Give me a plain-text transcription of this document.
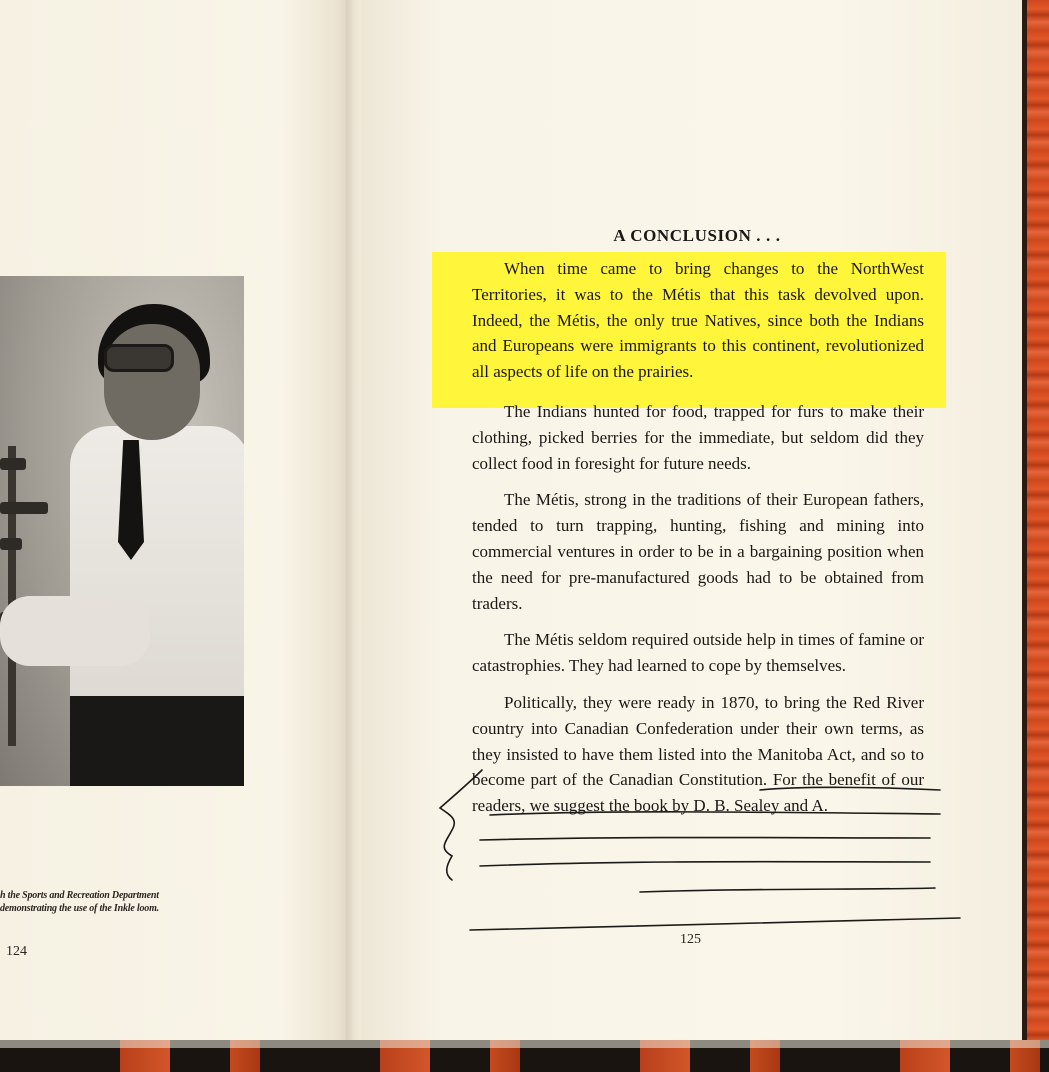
h the Sports and Recreation Department
demonstrating the use of the Inkle loom.
124
A CONCLUSION . . .

When time came to bring changes to the NorthWest Territories, it was to the Métis that this task devolved upon. Indeed, the Métis, the only true Natives, since both the Indians and Europeans were immigrants to this continent, revolutionized all aspects of life on the prairies.

The Indians hunted for food, trapped for furs to make their clothing, picked berries for the immediate, but seldom did they collect food in foresight for future needs.

The Métis, strong in the traditions of their European fathers, tended to turn trapping, hunting, fishing and mining into commercial ventures in order to be in a bargaining position when the need for pre-manufactured goods had to be obtained from traders.

The Métis seldom required outside help in times of famine or catastrophies. They had learned to cope by themselves.

Politically, they were ready in 1870, to bring the Red River country into Canadian Confederation under their own terms, as they insisted to have them listed into the Manitoba Act, and so to become part of the Canadian Constitution. For the benefit of our readers, we suggest the book by D. B. Sealey and A.

125
